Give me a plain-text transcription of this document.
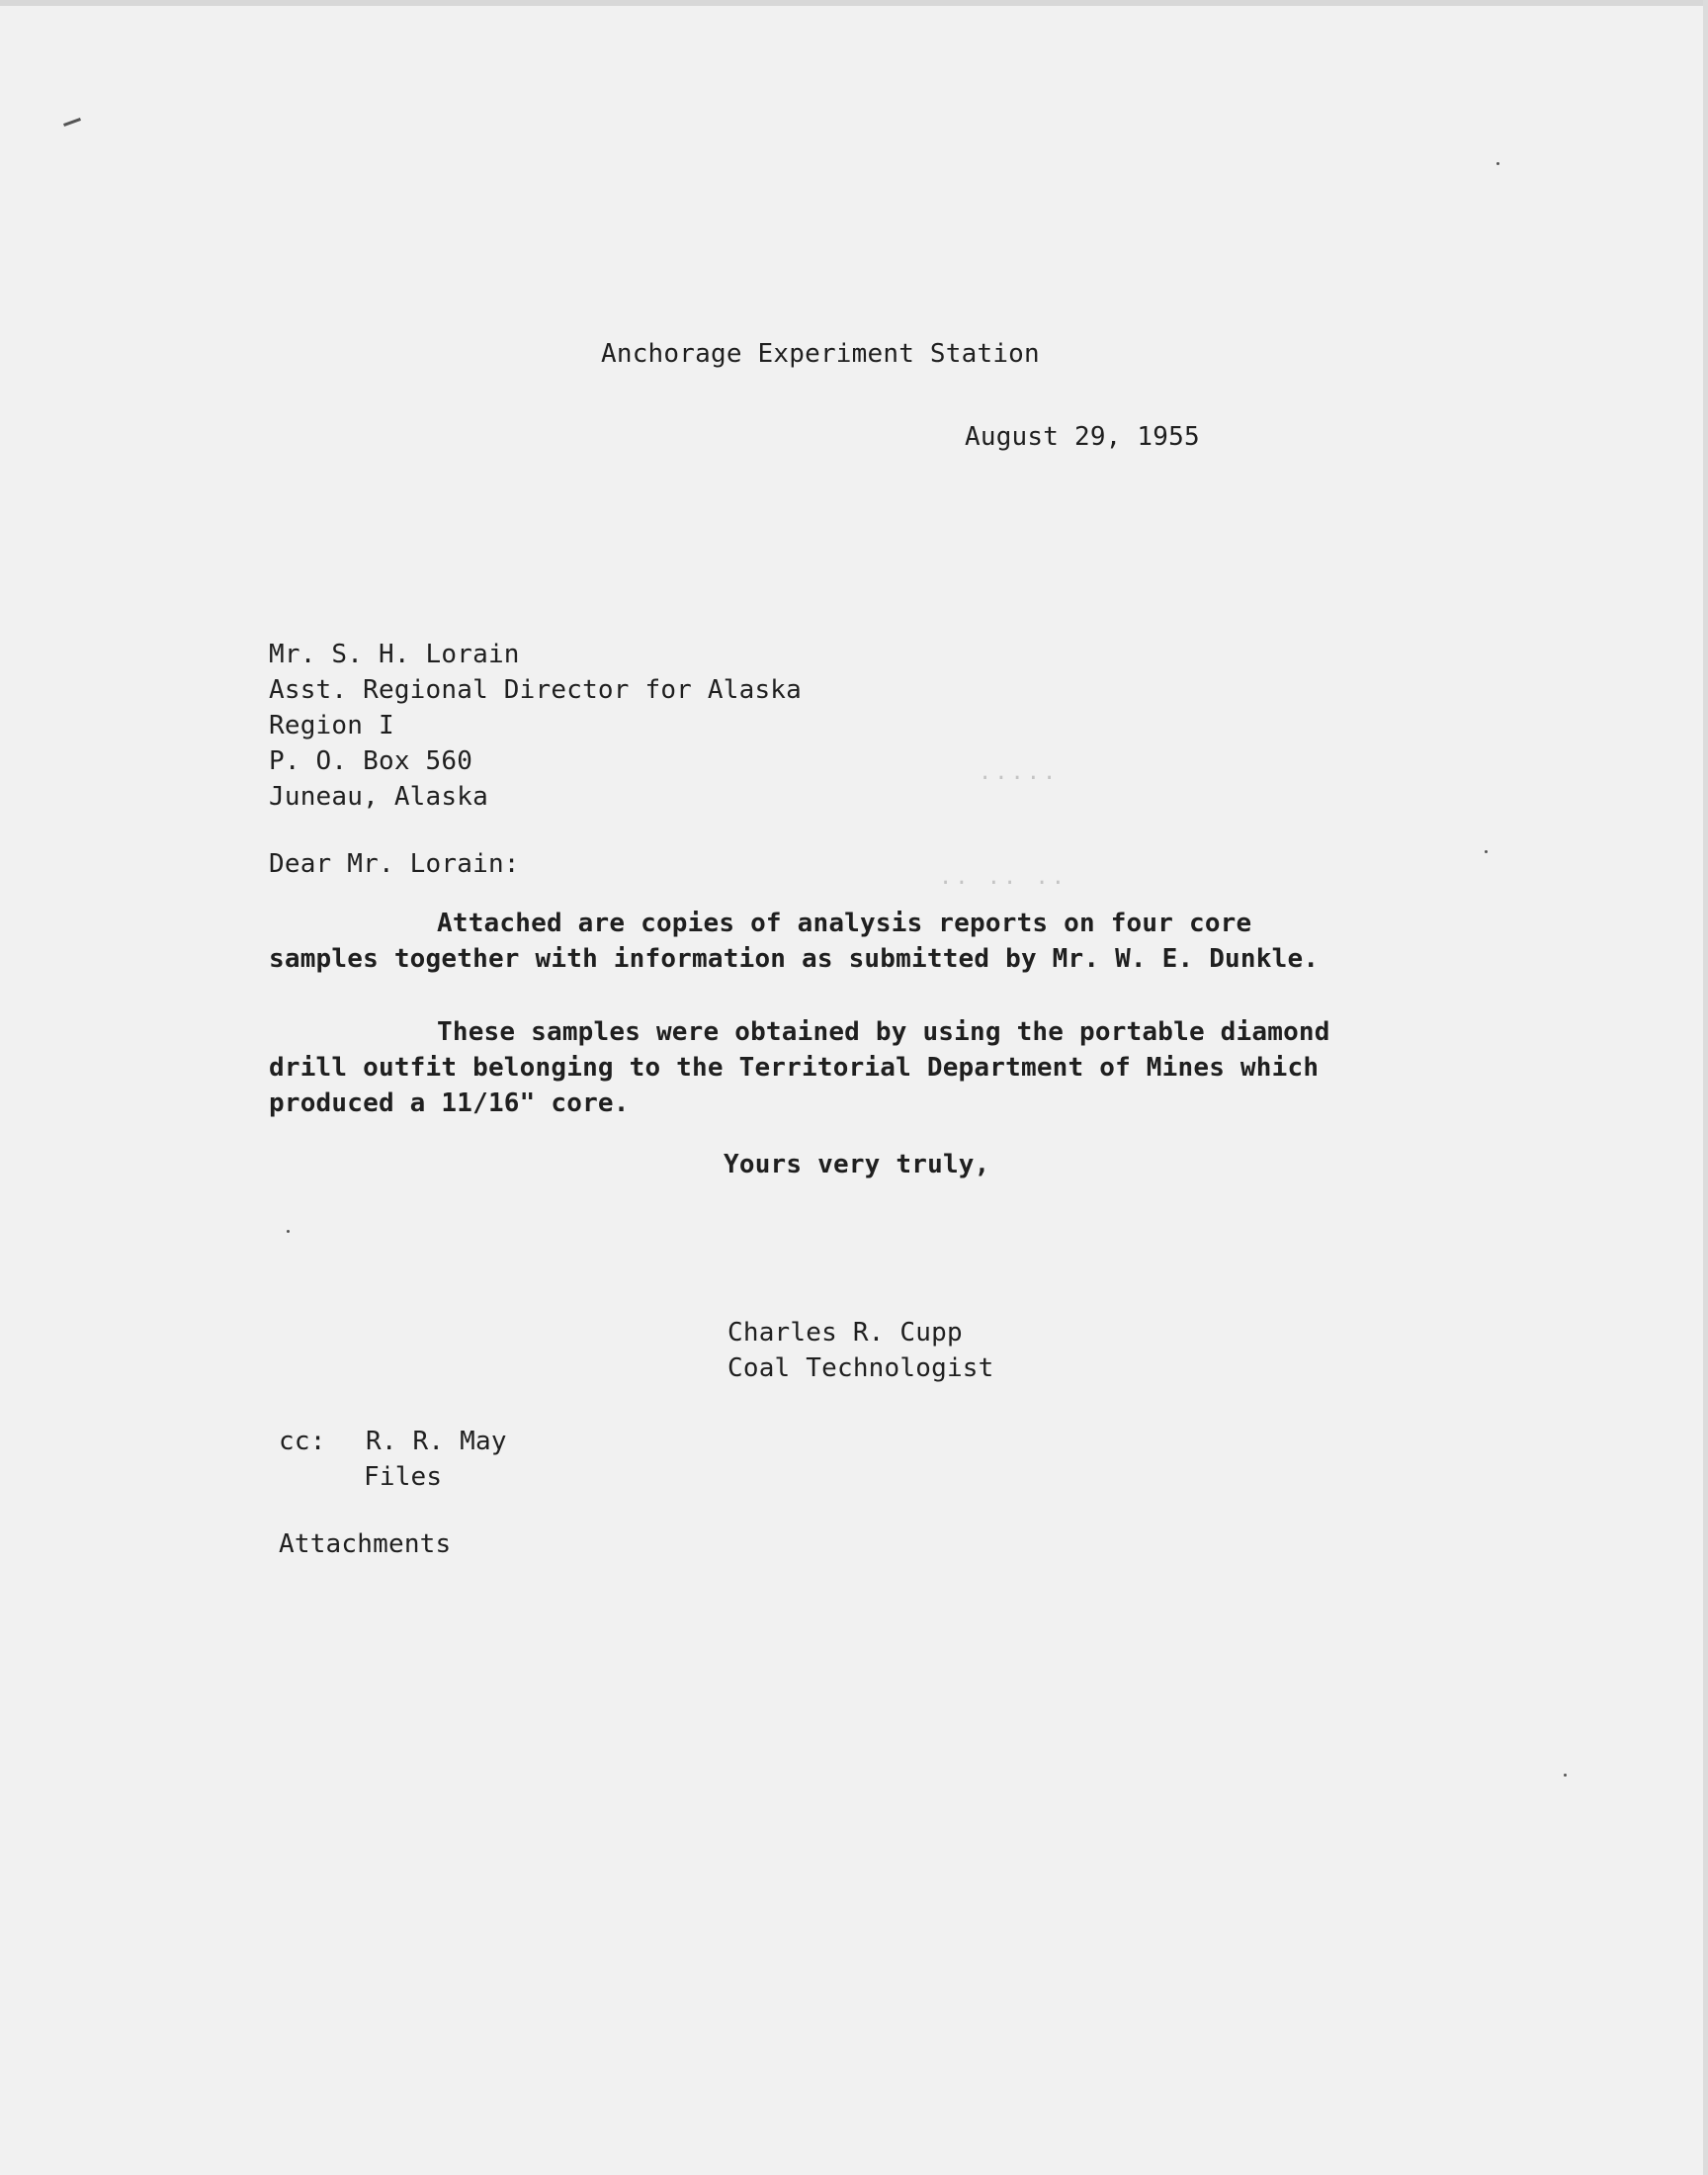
Anchorage Experiment Station
August 29, 1955
Mr. S. H. Lorain
Asst. Regional Director for Alaska
Region I
P. O. Box 560
Juneau, Alaska
·····
·· ·· ··
Dear Mr. Lorain:
Attached are copies of analysis reports on four core
samples together with information as submitted by Mr. W. E. Dunkle.
These samples were obtained by using the portable diamond
drill outfit belonging to the Territorial Department of Mines which
produced a 11/16" core.
Yours very truly,
Charles R. Cupp
Coal Technologist
cc: R. R. May
Files
Attachments
